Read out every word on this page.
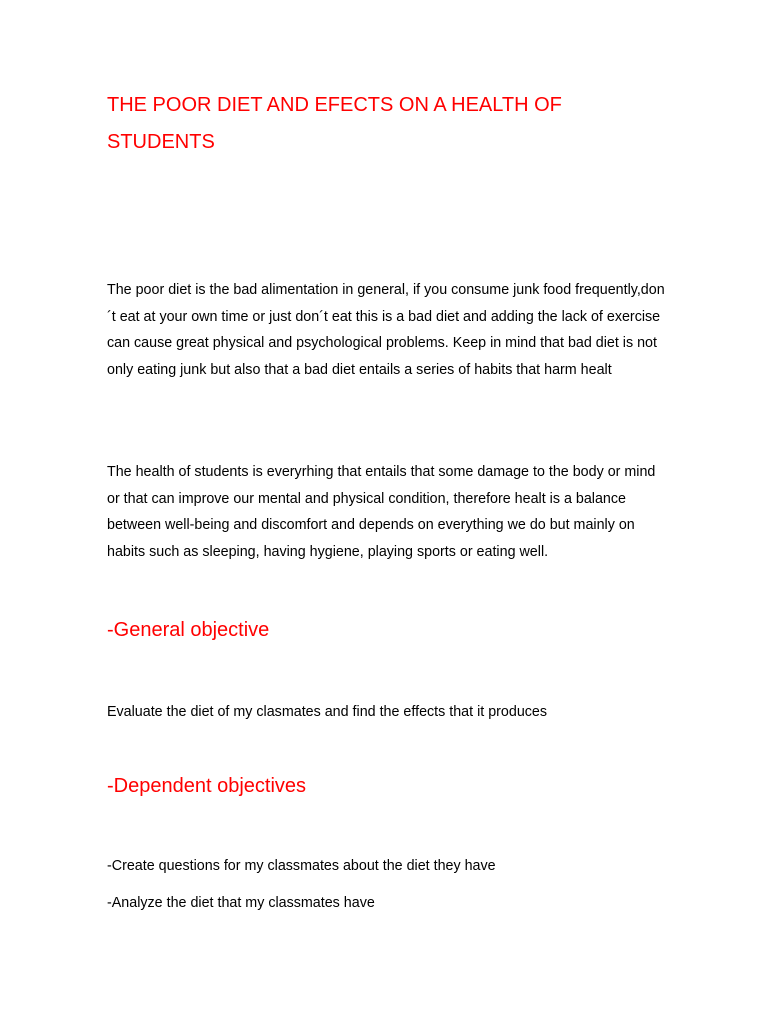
THE POOR DIET AND EFECTS ON A HEALTH OF STUDENTS

The poor diet is the bad alimentation in general, if you consume junk food frequently,don´t eat at your own time or just don´t eat this is a bad diet and adding the lack of exercise can cause great physical and psychological problems. Keep in mind that bad diet is not only eating junk but also that a bad diet entails a series of habits that harm healt

The health of students is everyrhing that entails that some damage to the body or mind or that can improve our mental and physical condition, therefore healt is a balance between well-being and discomfort and depends on everything we do but mainly on habits such as sleeping, having hygiene, playing sports or eating well.

-General objective

Evaluate the diet of my clasmates and find the effects that it produces

-Dependent objectives

-Create questions for my classmates about the diet they have

-Analyze the diet that my classmates have
